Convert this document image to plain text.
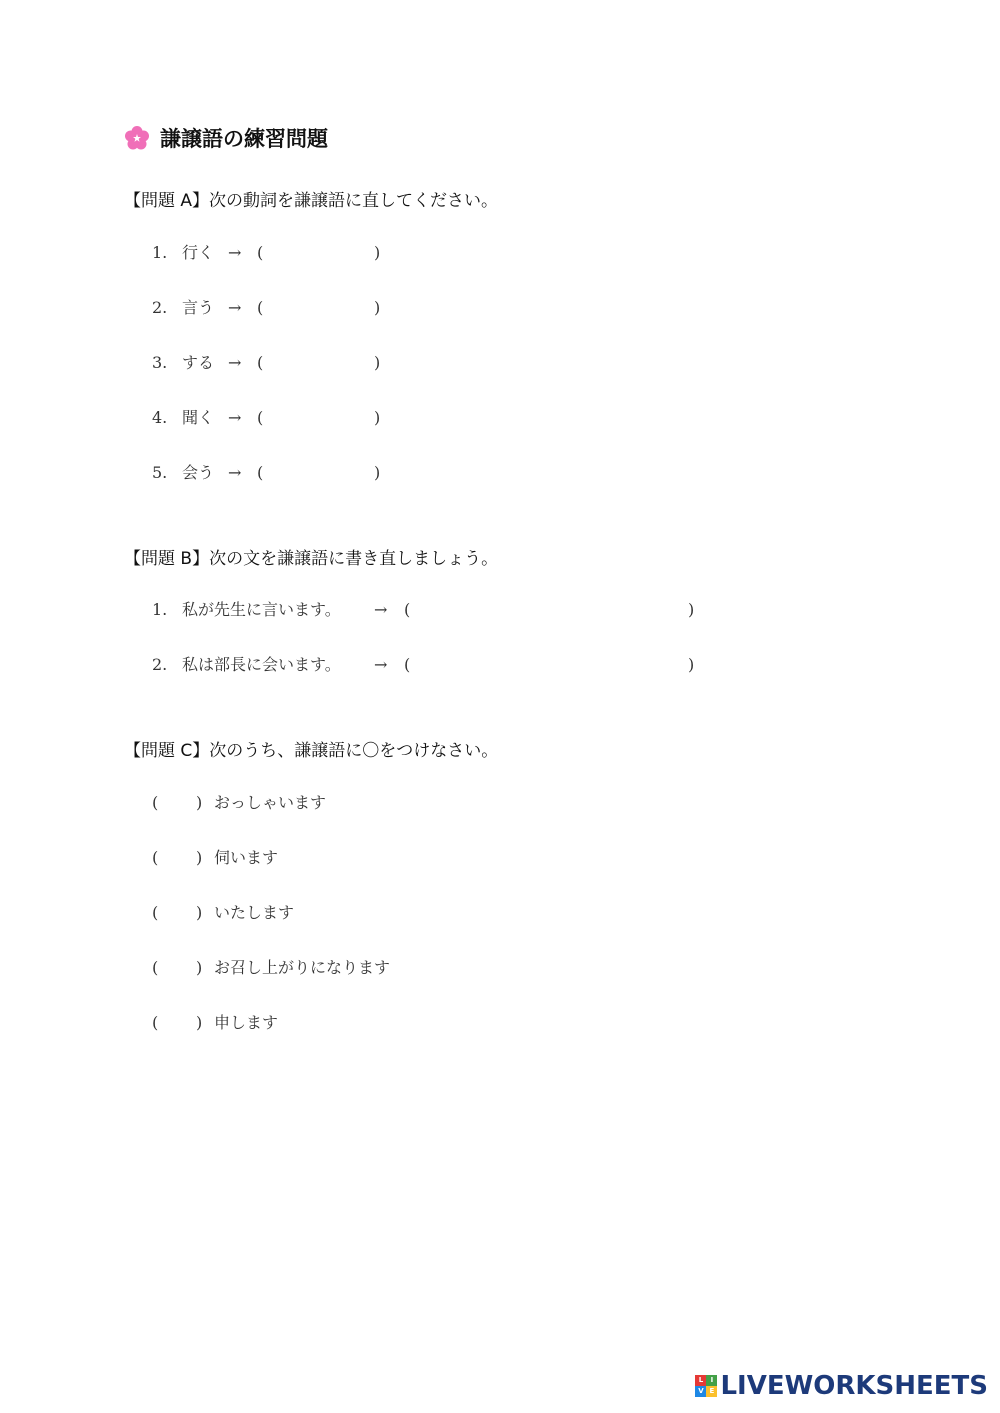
謙譲語の練習問題
【問題 A】次の動詞を謙譲語に直してください。
1. 行く → (	)
2. 言う → (	)
3. する → (	)
4. 聞く → (	)
5. 会う → (	)
【問題 B】次の文を謙譲語に書き直しましょう。
1. 私が先生に言います。 → (	)
2. 私は部長に会います。 → (	)
【問題 C】次のうち、謙譲語に〇をつけなさい。
( ) おっしゃいます
( ) 伺います
( ) いたします
( ) お召し上がりになります
( ) 申します
L	I
V E LIVEWORKSHEETS
